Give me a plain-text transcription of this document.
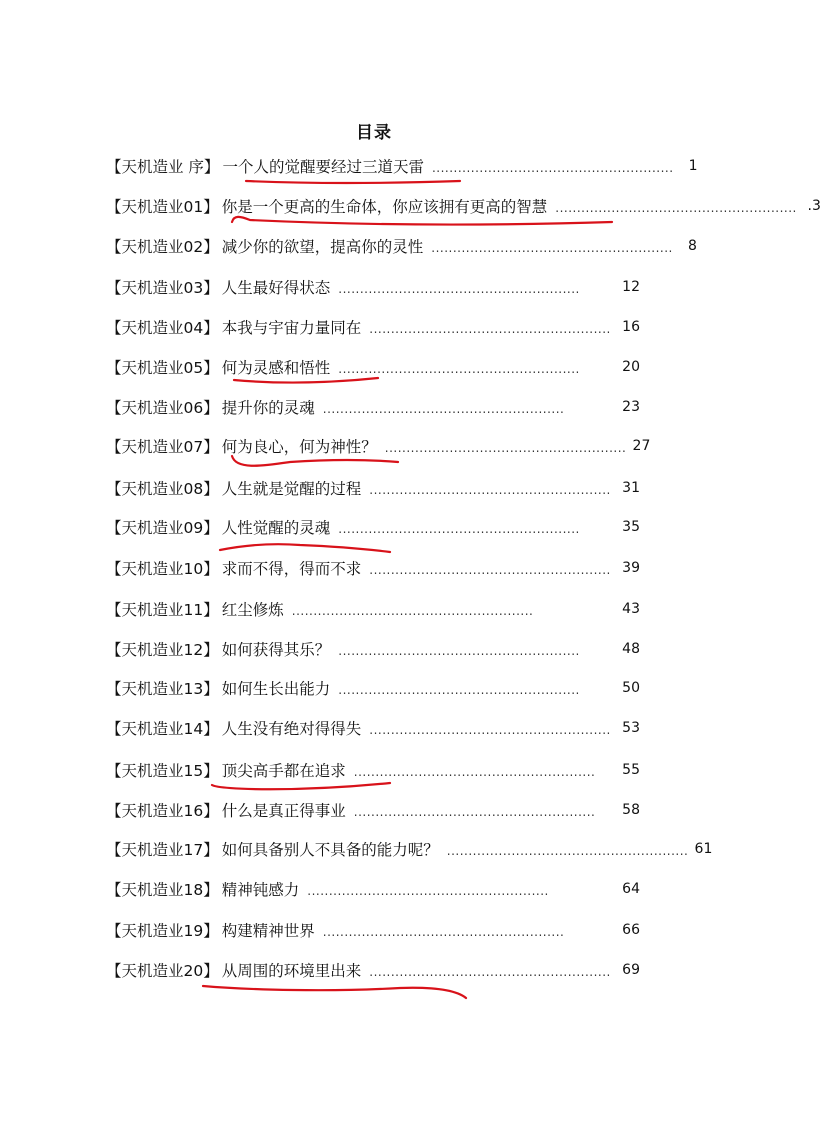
目录
【天机造业 序】 一个人的觉醒要经过三道天雷 ........................................................	1
【天机造业01】 你是一个更高的生命体，你应该拥有更高的智慧 ........................................................ .3
【天机造业02】 减少你的欲望，提高你的灵性 ........................................................	8
【天机造业03】 人生最好得状态 ........................................................	12
【天机造业04】 本我与宇宙力量同在 ........................................................ 16
【天机造业05】 何为灵感和悟性 ........................................................	20
【天机造业06】 提升你的灵魂 ........................................................	23
【天机造业07】 何为良心，何为神性？ ........................................................ 27
【天机造业08】 人生就是觉醒的过程 ........................................................ 31
【天机造业09】 人性觉醒的灵魂 ........................................................	35
【天机造业10】 求而不得，得而不求 ........................................................ 39
【天机造业11】 红尘修炼 ........................................................	43
【天机造业12】 如何获得其乐？ ........................................................	48
【天机造业13】 如何生长出能力 ........................................................	50
【天机造业14】 人生没有绝对得得失 ........................................................ 53
【天机造业15】 顶尖高手都在追求 ........................................................	55
【天机造业16】 什么是真正得事业 ........................................................	58
【天机造业17】 如何具备别人不具备的能力呢？ ........................................................ 61
【天机造业18】 精神钝感力 ........................................................	64
【天机造业19】 构建精神世界 ........................................................	66
【天机造业20】 从周围的环境里出来 ........................................................ 69
